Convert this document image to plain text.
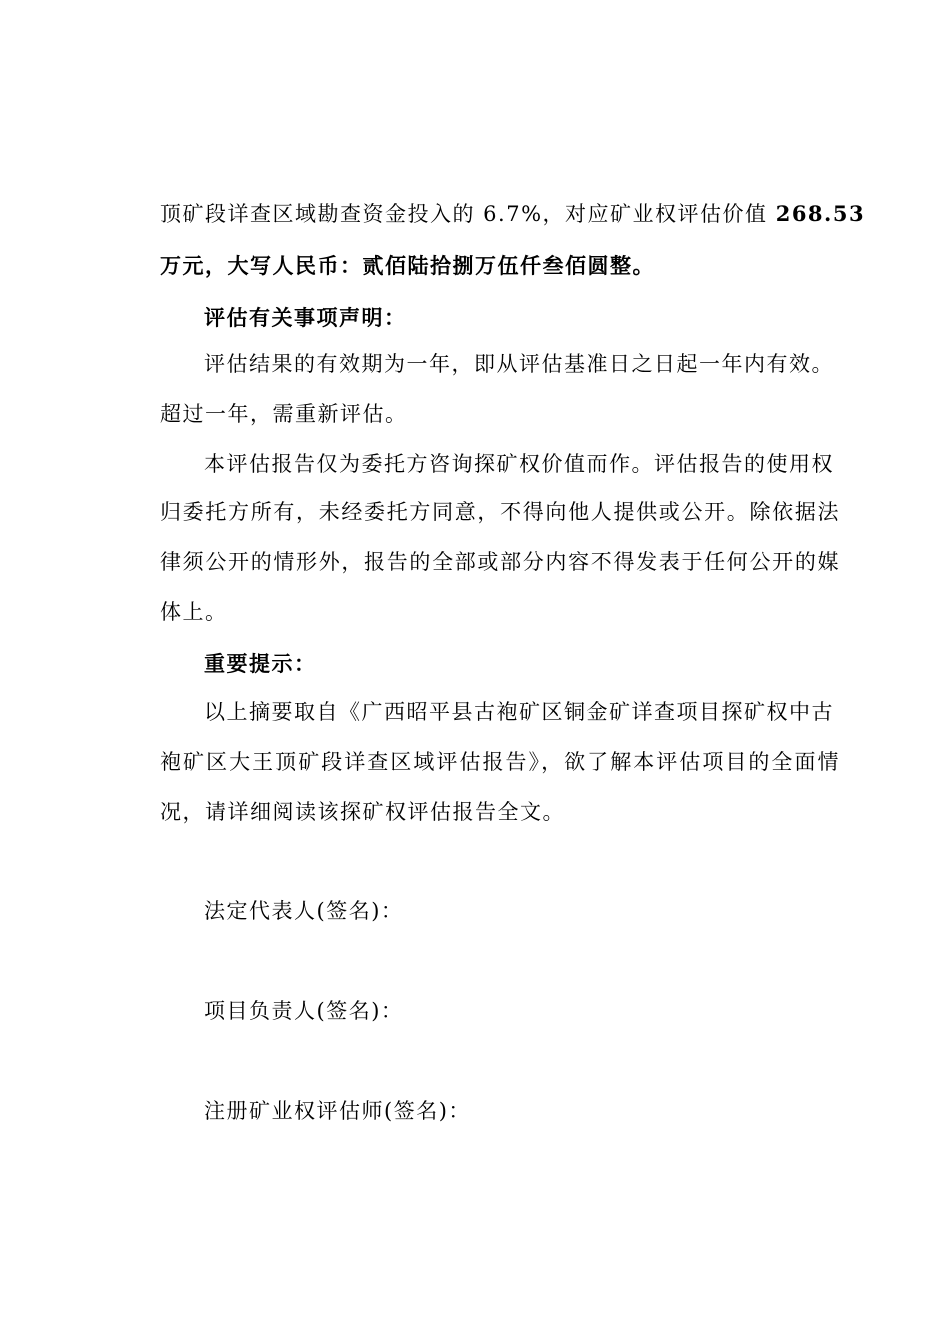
顶矿段详查区域勘查资金投入的 6.7%，对应矿业权评估价值 268.53
万元，大写人民币：贰佰陆拾捌万伍仟叁佰圆整。
评估有关事项声明：
评估结果的有效期为一年，即从评估基准日之日起一年内有效。
超过一年，需重新评估。
本评估报告仅为委托方咨询探矿权价值而作。评估报告的使用权
归委托方所有，未经委托方同意，不得向他人提供或公开。除依据法
律须公开的情形外，报告的全部或部分内容不得发表于任何公开的媒
体上。
重要提示：
以上摘要取自《广西昭平县古袍矿区铜金矿详查项目探矿权中古
袍矿区大王顶矿段详查区域评估报告》，欲了解本评估项目的全面情
况，请详细阅读该探矿权评估报告全文。
法定代表人(签名)：
项目负责人(签名)：
注册矿业权评估师(签名)：
